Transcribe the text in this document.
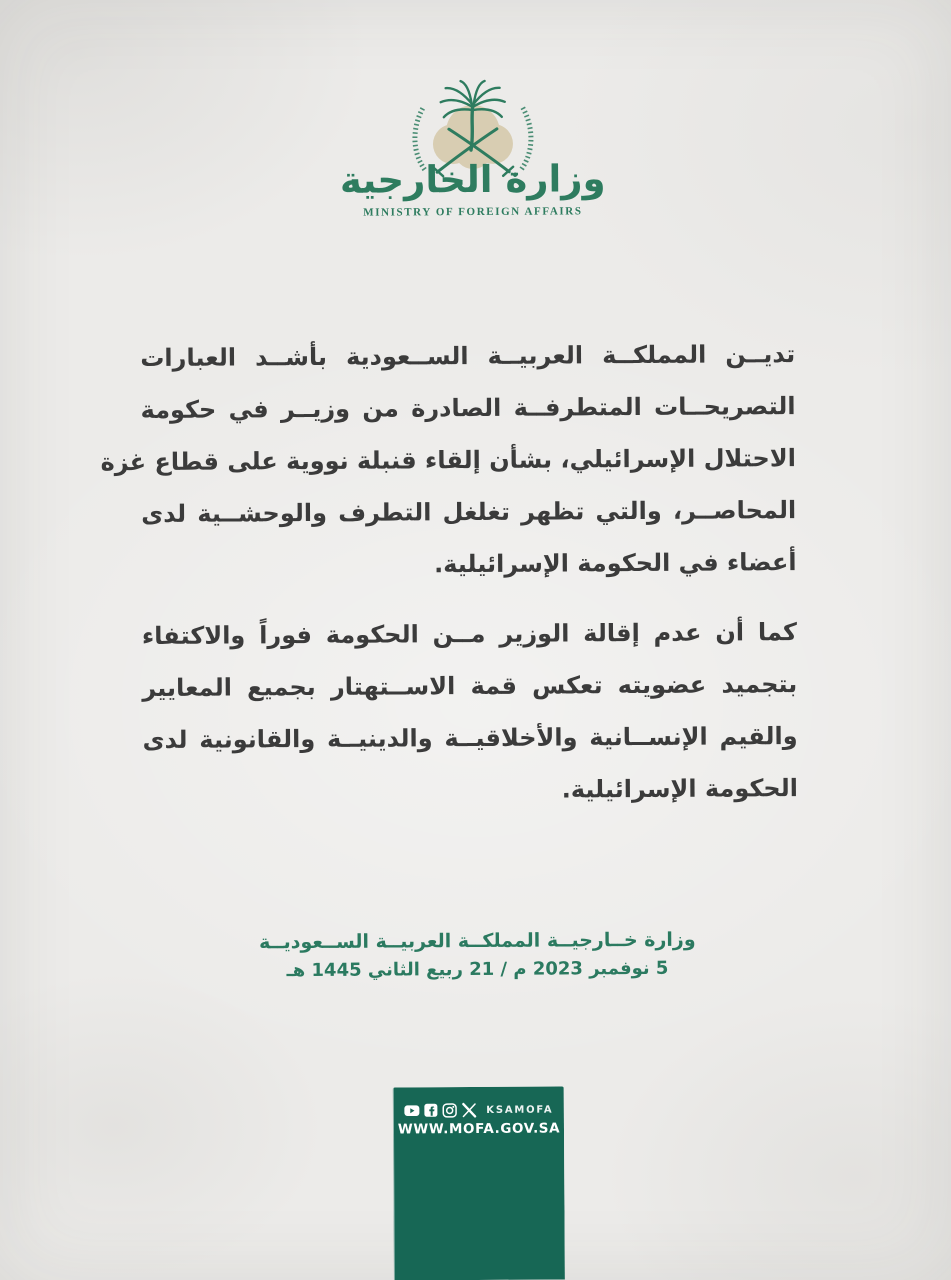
وزارة الخارجية
MINISTRY OF FOREIGN AFFAIRS
تديــن المملكــة العربيــة الســعودية بأشــد العبارات
التصريحــات المتطرفــة الصادرة من وزيــر في حكومة
الاحتلال الإسرائيلي، بشأن إلقاء قنبلة نووية على قطاع غزة
المحاصــر، والتي تظهر تغلغل التطرف والوحشــية لدى
أعضاء في الحكومة الإسرائيلية.
كما أن عدم إقالة الوزير مــن الحكومة فوراً والاكتفاء
بتجميد عضويته تعكس قمة الاســتهتار بجميع المعايير
والقيم الإنســانية والأخلاقيــة والدينيــة والقانونية لدى
الحكومة الإسرائيلية.
وزارة خــارجيــة المملكــة العربيــة الســعوديــة
5 نوفمبر 2023 م / 21 ربيع الثاني 1445 هـ
KSAMOFA
WWW.MOFA.GOV.SA
